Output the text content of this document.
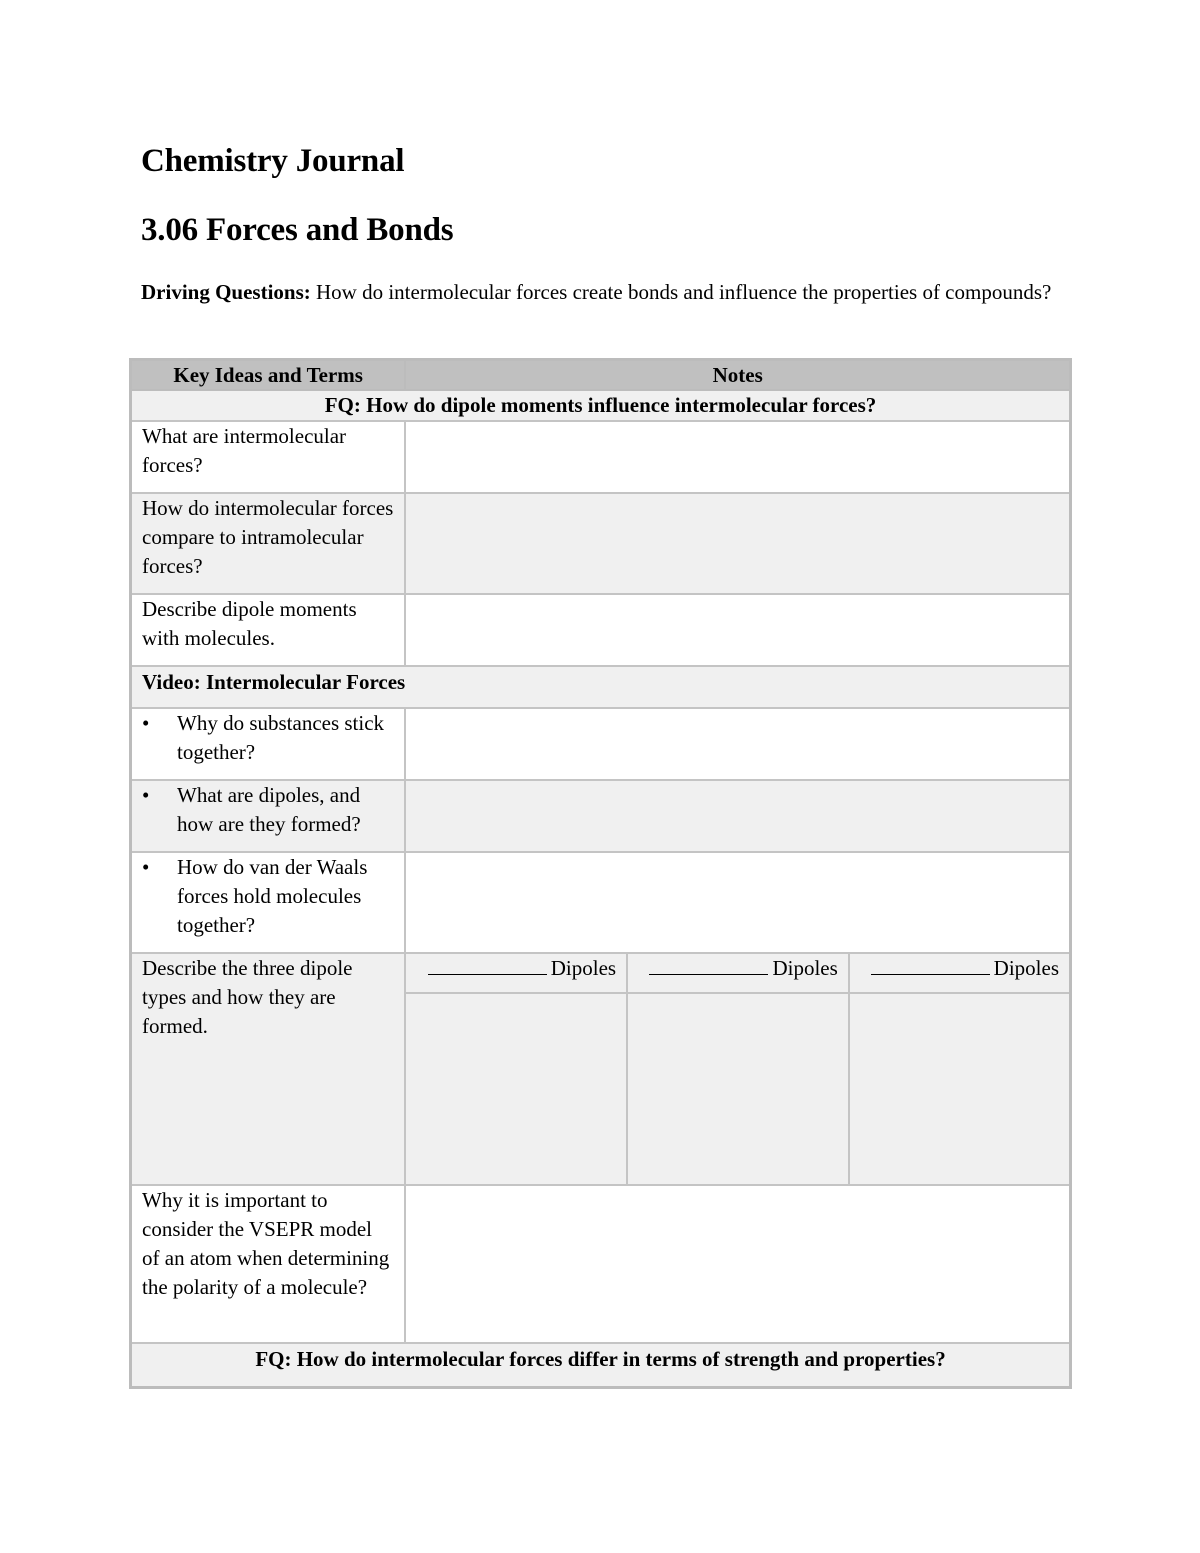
Chemistry Journal
3.06 Forces and Bonds
Driving Questions: How do intermolecular forces create bonds and influence the properties of compounds?
Key Ideas and Terms	Notes		
FQ: How do dipole moments influence intermolecular forces?			
What are intermolecular forces?			
How do intermolecular forces compare to intramolecular forces?			
Describe dipole moments with molecules.			
Video: Intermolecular Forces			

• Why do substances stick together?			

• What are dipoles, and how are they formed?			

• How do van der Waals forces hold molecules together?			

Describe the three dipole types and how they are formed.	Dipoles	Dipoles	Dipoles

Why it is important to consider the VSEPR model of an atom when determining the polarity of a molecule?			
FQ: How do intermolecular forces differ in terms of strength and properties?			
